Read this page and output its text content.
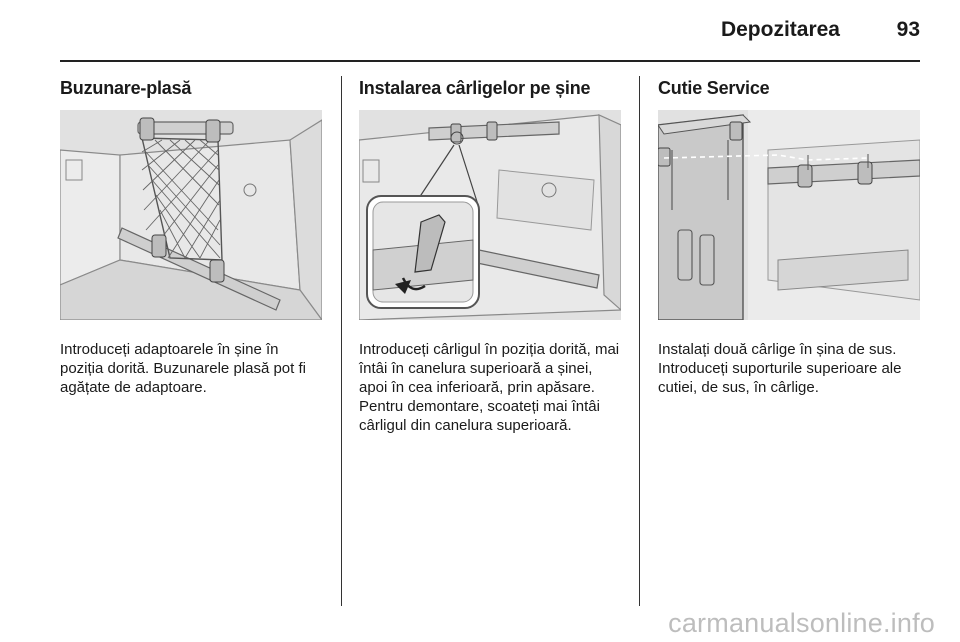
Depozitarea	93
Buzunare-plasă

Introduceți adaptoarele în șine în poziția dorită. Buzunarele plasă pot fi agățate de adaptoare.

Instalarea cârligelor pe șine

Introduceți cârligul în poziția dorită, mai întâi în canelura superioară a șinei, apoi în cea inferioară, prin apăsare. Pentru demontare, scoateți mai întâi cârligul din canelura superioară.

Cutie Service

Instalați două cârlige în șina de sus. Introduceți suporturile superioare ale cutiei, de sus, în cârlige.

carmanualsonline.info
